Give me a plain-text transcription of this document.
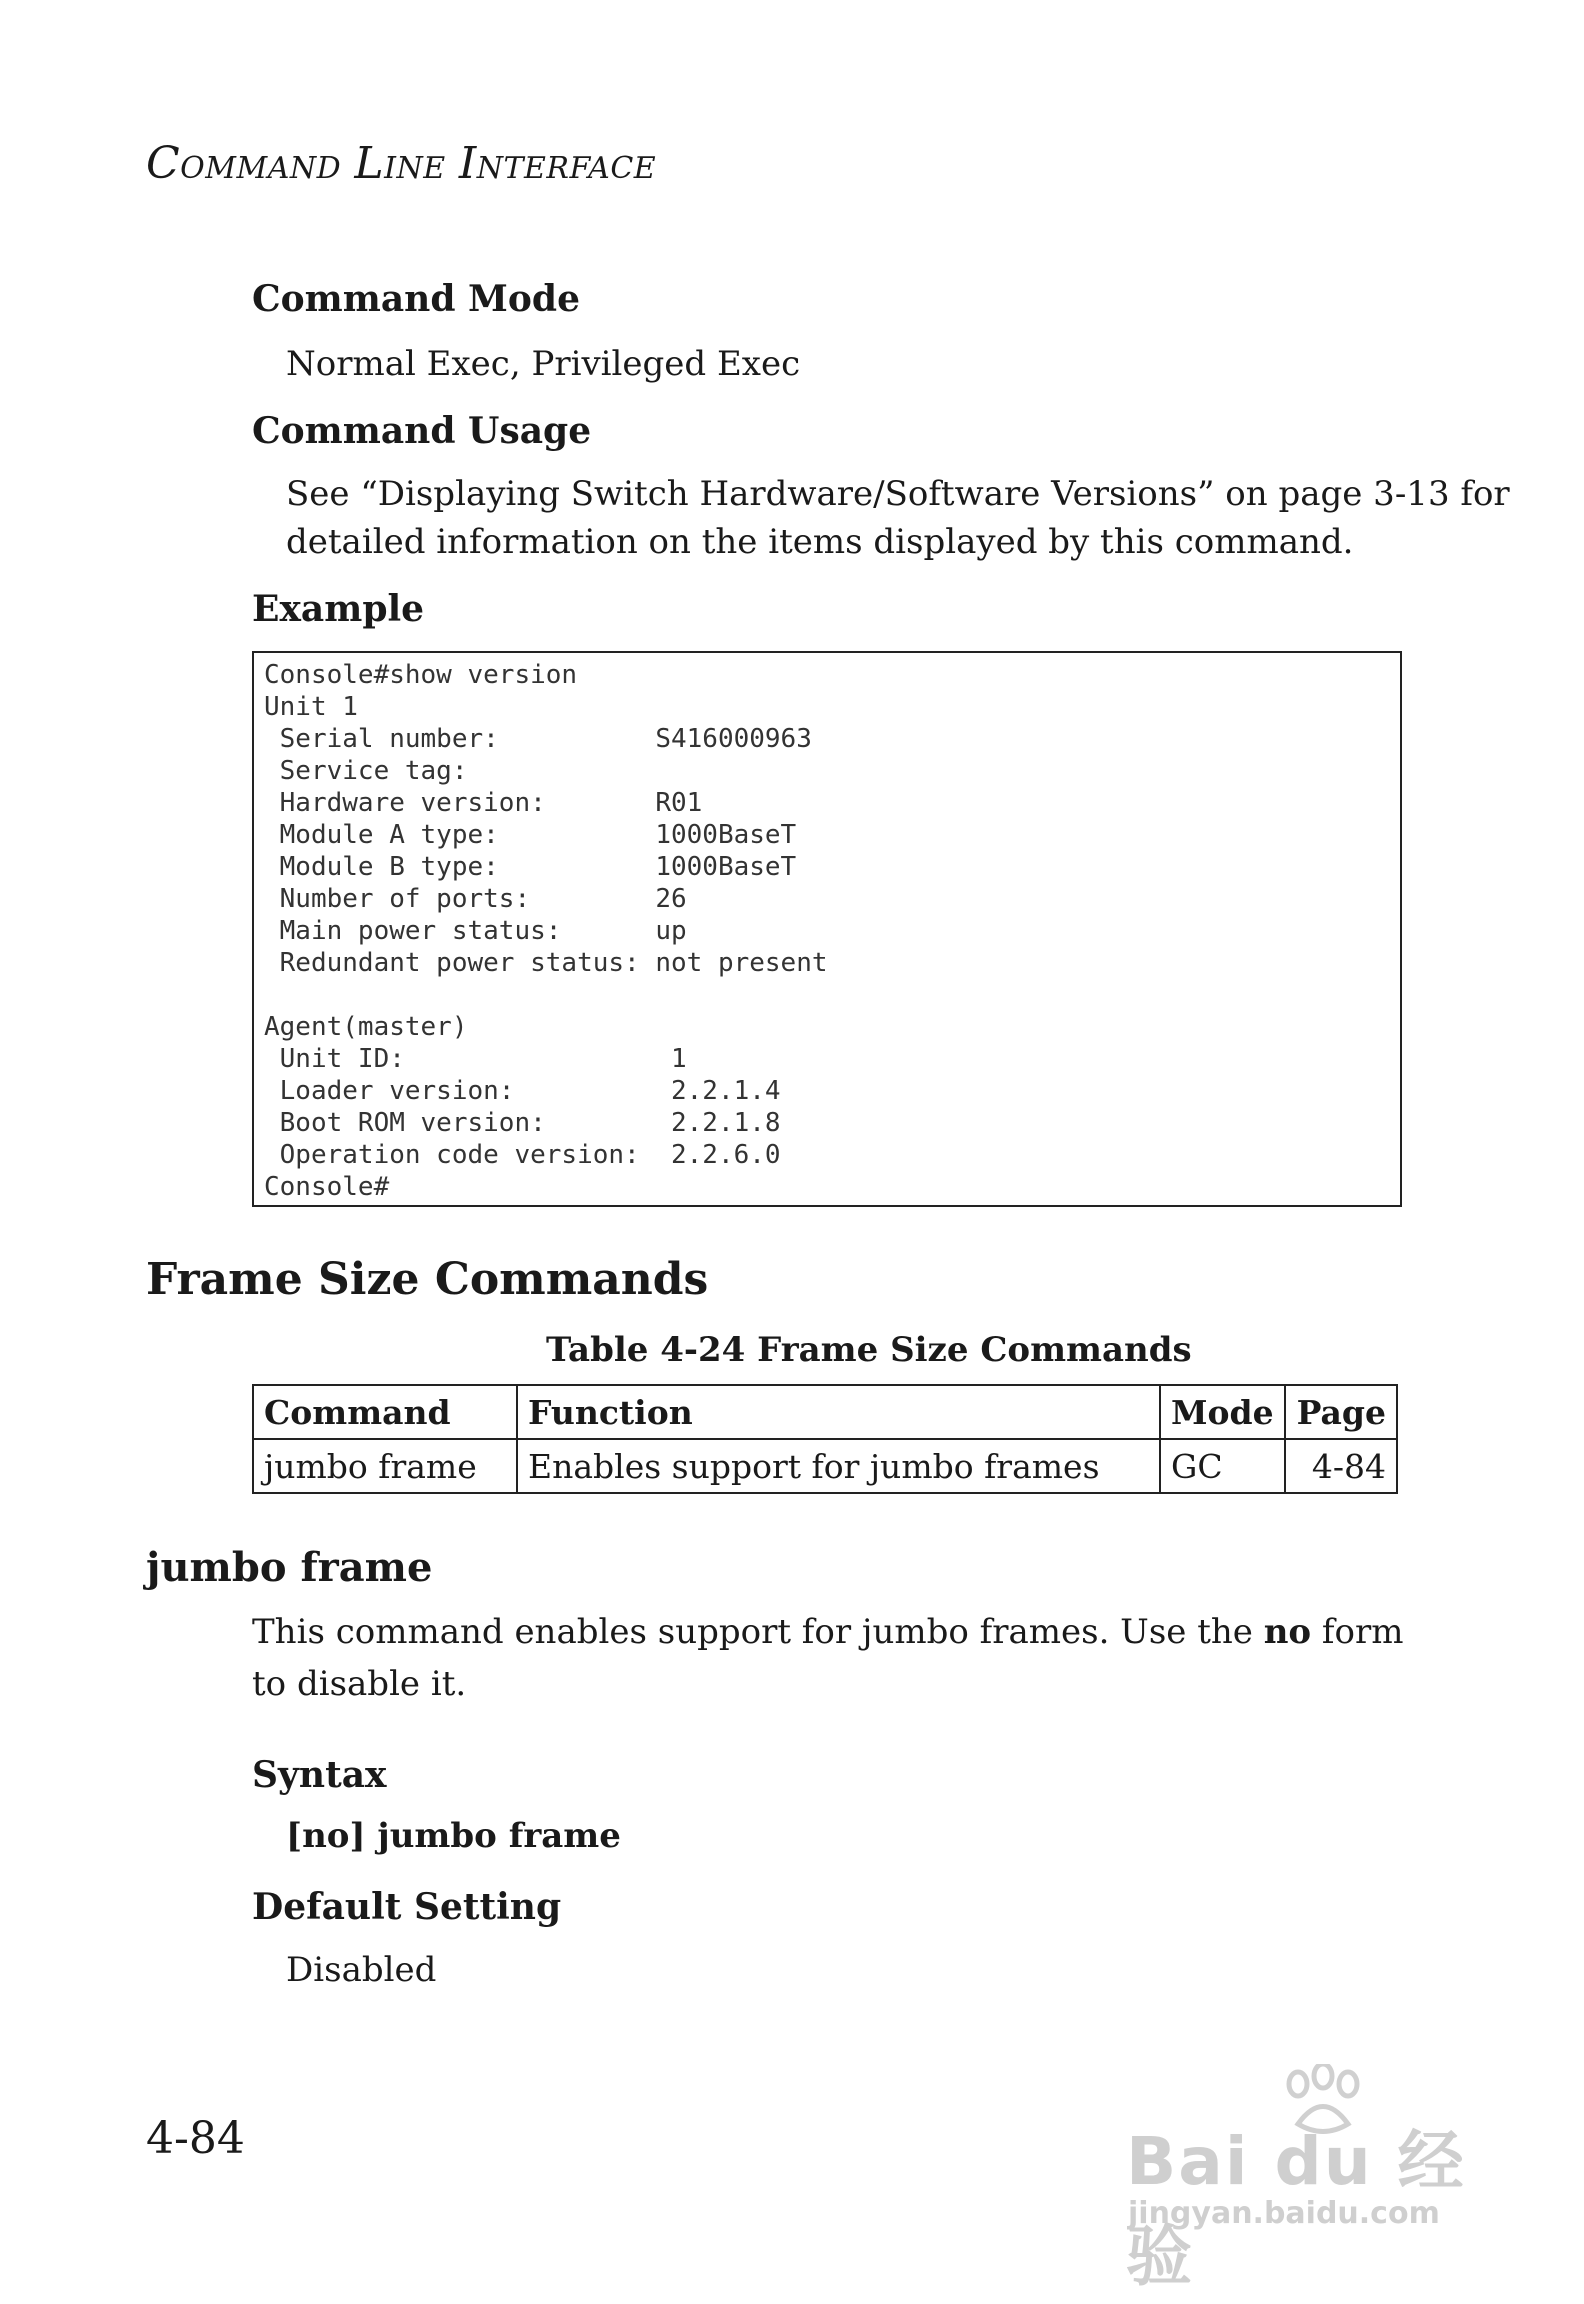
COMMAND LINE INTERFACE
Command Mode
Normal Exec, Privileged Exec
Command Usage
See “Displaying Switch Hardware/Software Versions” on page 3-13 for
detailed information on the items displayed by this command.
Example
Console#show version
Unit 1
Serial number:          S416000963
Service tag:
Hardware version:       R01
Module A type:          1000BaseT
Module B type:          1000BaseT
Number of ports:        26
Main power status:      up
Redundant power status: not present

Agent(master)
Unit ID:                 1
Loader version:          2.2.1.4
Boot ROM version:        2.2.1.8
Operation code version:  2.2.6.0
Console#
Frame Size Commands
Table 4-24 Frame Size Commands
Command	Function	Mode	Page
jumbo frame	Enables support for jumbo frames	GC	4-84
jumbo frame
This command enables support for jumbo frames. Use the no form to disable it.
Syntax
[no] jumbo frame
Default Setting
Disabled
4-84	Bai du 经验
jingyan.baidu.com
